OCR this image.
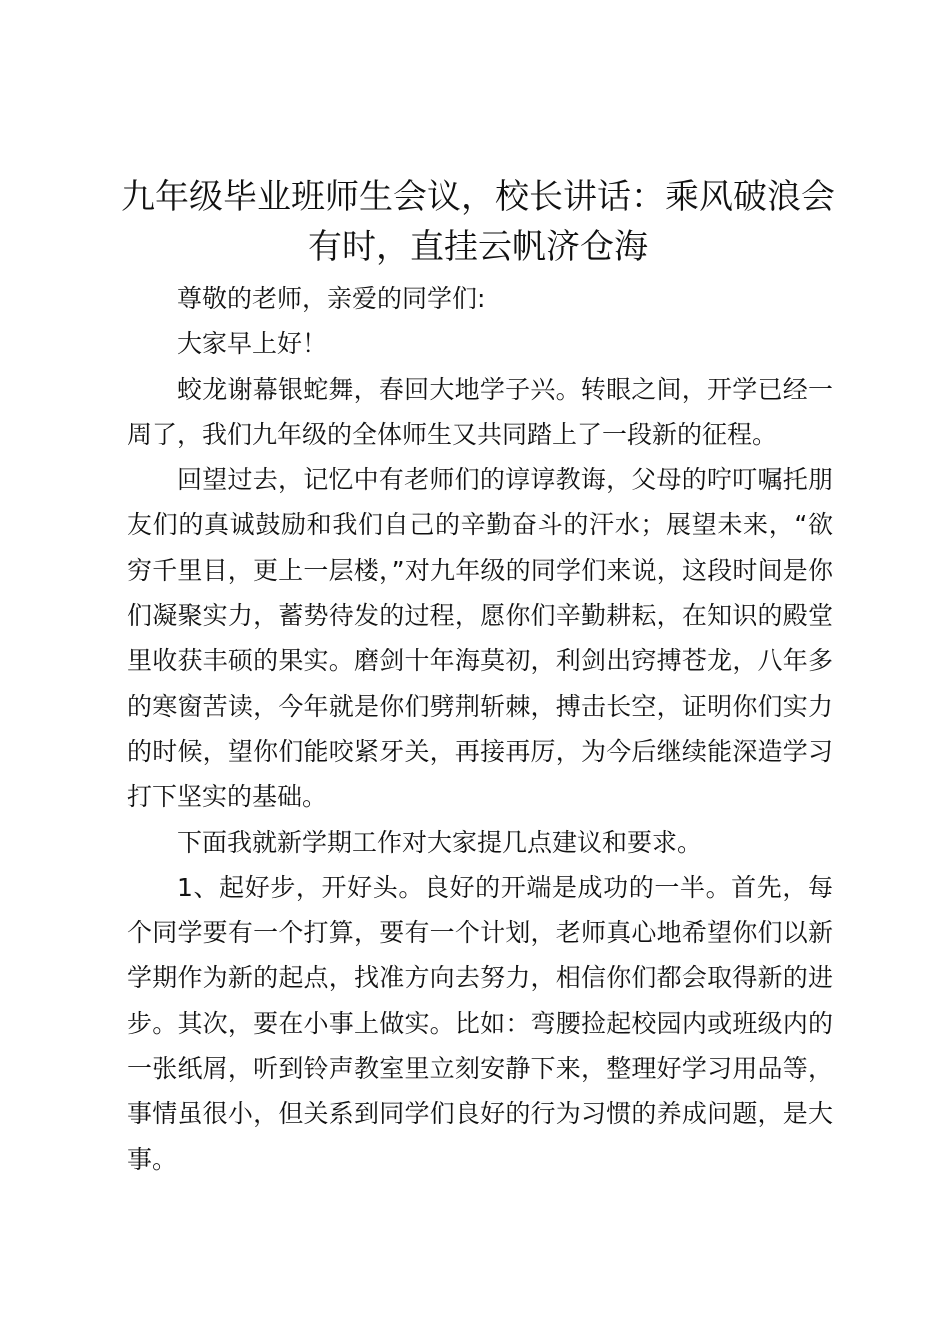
九年级毕业班师生会议，校长讲话：乘风破浪会有时，直挂云帆济仓海

尊敬的老师，亲爱的同学们:

大家早上好！

蛟龙谢幕银蛇舞，春回大地学子兴。转眼之间，开学已经一周了，我们九年级的全体师生又共同踏上了一段新的征程。

回望过去，记忆中有老师们的谆谆教诲，父母的咛叮嘱托朋友们的真诚鼓励和我们自己的辛勤奋斗的汗水；展望未来，“欲穷千里目，更上一层楼，”对九年级的同学们来说，这段时间是你们凝聚实力，蓄势待发的过程，愿你们辛勤耕耘，在知识的殿堂里收获丰硕的果实。磨剑十年海莫初，利剑出窍搏苍龙，八年多的寒窗苦读，今年就是你们劈荆斩棘，搏击长空，证明你们实力的时候，望你们能咬紧牙关，再接再厉，为今后继续能深造学习打下坚实的基础。

下面我就新学期工作对大家提几点建议和要求。

1、起好步，开好头。良好的开端是成功的一半。首先，每个同学要有一个打算，要有一个计划，老师真心地希望你们以新学期作为新的起点，找准方向去努力，相信你们都会取得新的进步。其次，要在小事上做实。比如：弯腰捡起校园内或班级内的一张纸屑，听到铃声教室里立刻安静下来，整理好学习用品等，事情虽很小，但关系到同学们良好的行为习惯的养成问题，是大事。
